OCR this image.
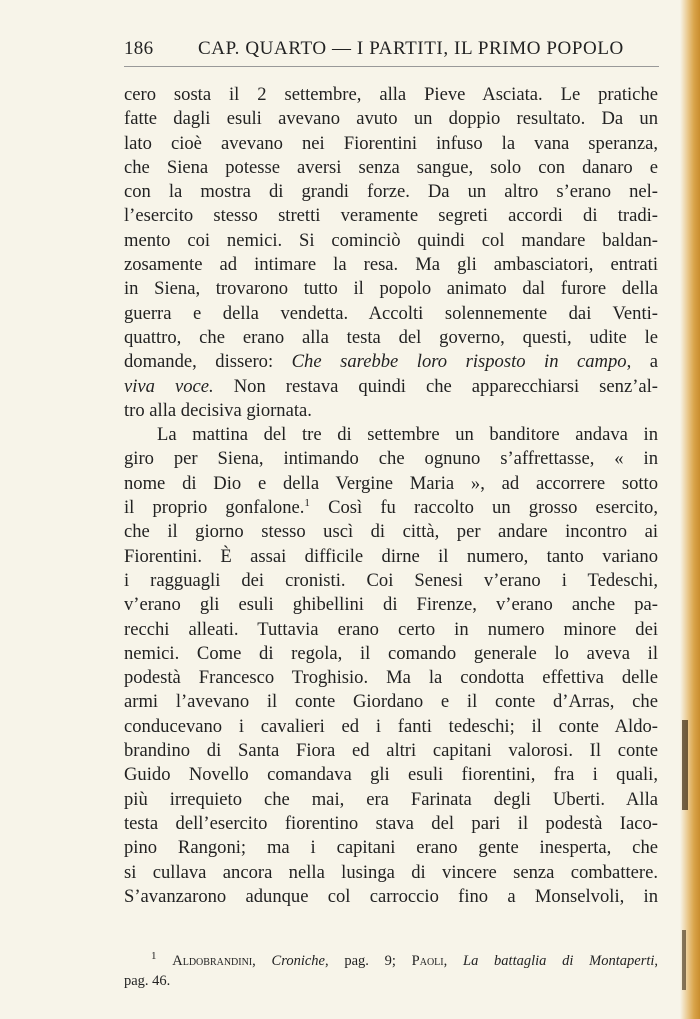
186 CAP. QUARTO — I PARTITI, IL PRIMO POPOLO
cero sosta il 2 settembre, alla Pieve Asciata. Le pratiche
fatte dagli esuli avevano avuto un doppio resultato. Da un
lato cioè avevano nei Fiorentini infuso la vana speranza,
che Siena potesse aversi senza sangue, solo con danaro e
con la mostra di grandi forze. Da un altro s’erano nel-
l’esercito stesso stretti veramente segreti accordi di tradi-
mento coi nemici. Si cominciò quindi col mandare baldan-
zosamente ad intimare la resa. Ma gli ambasciatori, entrati
in Siena, trovarono tutto il popolo animato dal furore della
guerra e della vendetta. Accolti solennemente dai Venti-
quattro, che erano alla testa del governo, questi, udite le
domande, dissero: Che sarebbe loro risposto in campo, a
viva voce. Non restava quindi che apparecchiarsi senz’al-
tro alla decisiva giornata.
La mattina del tre di settembre un banditore andava in
giro per Siena, intimando che ognuno s’affrettasse, « in
nome di Dio e della Vergine Maria », ad accorrere sotto
il proprio gonfalone.$^1$ Così fu raccolto un grosso esercito,
che il giorno stesso uscì di città, per andare incontro ai
Fiorentini. È assai difficile dirne il numero, tanto variano
i ragguagli dei cronisti. Coi Senesi v’erano i Tedeschi,
v’erano gli esuli ghibellini di Firenze, v’erano anche pa-
recchi alleati. Tuttavia erano certo in numero minore dei
nemici. Come di regola, il comando generale lo aveva il
podestà Francesco Troghisio. Ma la condotta effettiva delle
armi l’avevano il conte Giordano e il conte d’Arras, che
conducevano i cavalieri ed i fanti tedeschi; il conte Aldo-
brandino di Santa Fiora ed altri capitani valorosi. Il conte
Guido Novello comandava gli esuli fiorentini, fra i quali,
più irrequieto che mai, era Farinata degli Uberti. Alla
testa dell’esercito fiorentino stava del pari il podestà Iaco-
pino Rangoni; ma i capitani erano gente inesperta, che
si cullava ancora nella lusinga di vincere senza combattere.
S’avanzarono adunque col carroccio fino a Monselvoli, in
$^1$ Aldobrandini, Croniche, pag. 9; Paoli, La battaglia di Montaperti,
pag. 46.
